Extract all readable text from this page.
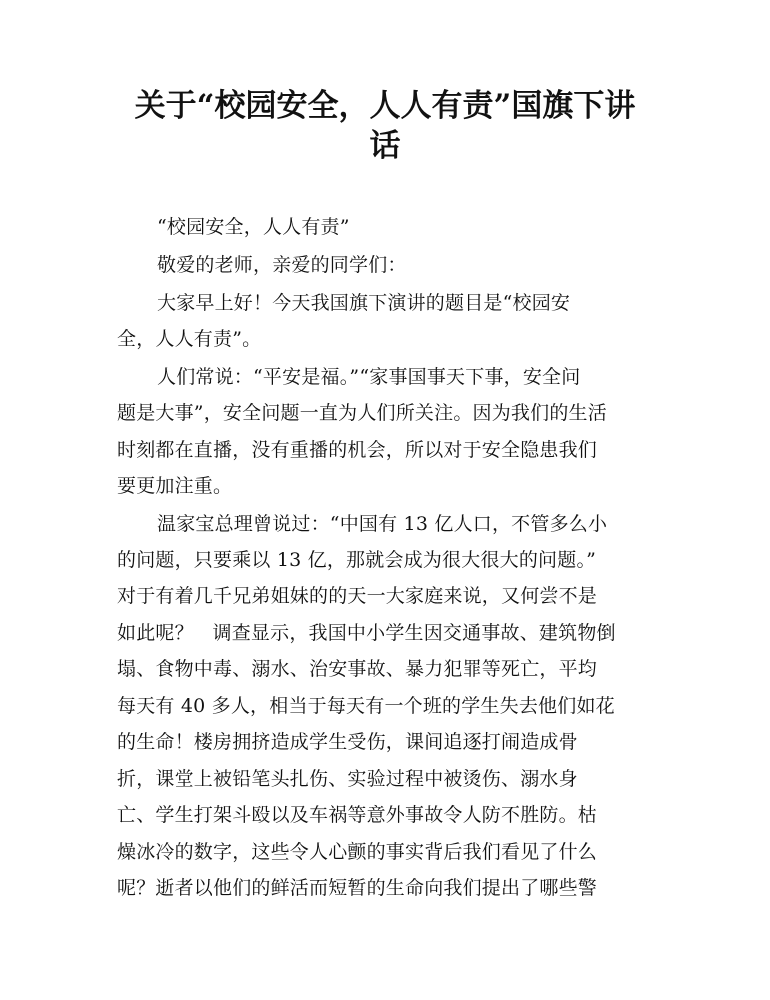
关于“校园安全，人人有责”国旗下讲
话
“校园安全，人人有责”
敬爱的老师，亲爱的同学们：
大家早上好！今天我国旗下演讲的题目是“校园安
全，人人有责”。
人们常说：“平安是福。”“家事国事天下事，安全问
题是大事”，安全问题一直为人们所关注。因为我们的生活
时刻都在直播，没有重播的机会，所以对于安全隐患我们
要更加注重。
温家宝总理曾说过：“中国有 13 亿人口，不管多么小
的问题，只要乘以 13 亿，那就会成为很大很大的问题。”
对于有着几千兄弟姐妹的的天一大家庭来说，又何尝不是
如此呢？   调查显示，我国中小学生因交通事故、建筑物倒
塌、食物中毒、溺水、治安事故、暴力犯罪等死亡，平均
每天有 40 多人，相当于每天有一个班的学生失去他们如花
的生命！楼房拥挤造成学生受伤，课间追逐打闹造成骨
折，课堂上被铅笔头扎伤、实验过程中被烫伤、溺水身
亡、学生打架斗殴以及车祸等意外事故令人防不胜防。枯
燥冰冷的数字，这些令人心颤的事实背后我们看见了什么
呢？逝者以他们的鲜活而短暂的生命向我们提出了哪些警
